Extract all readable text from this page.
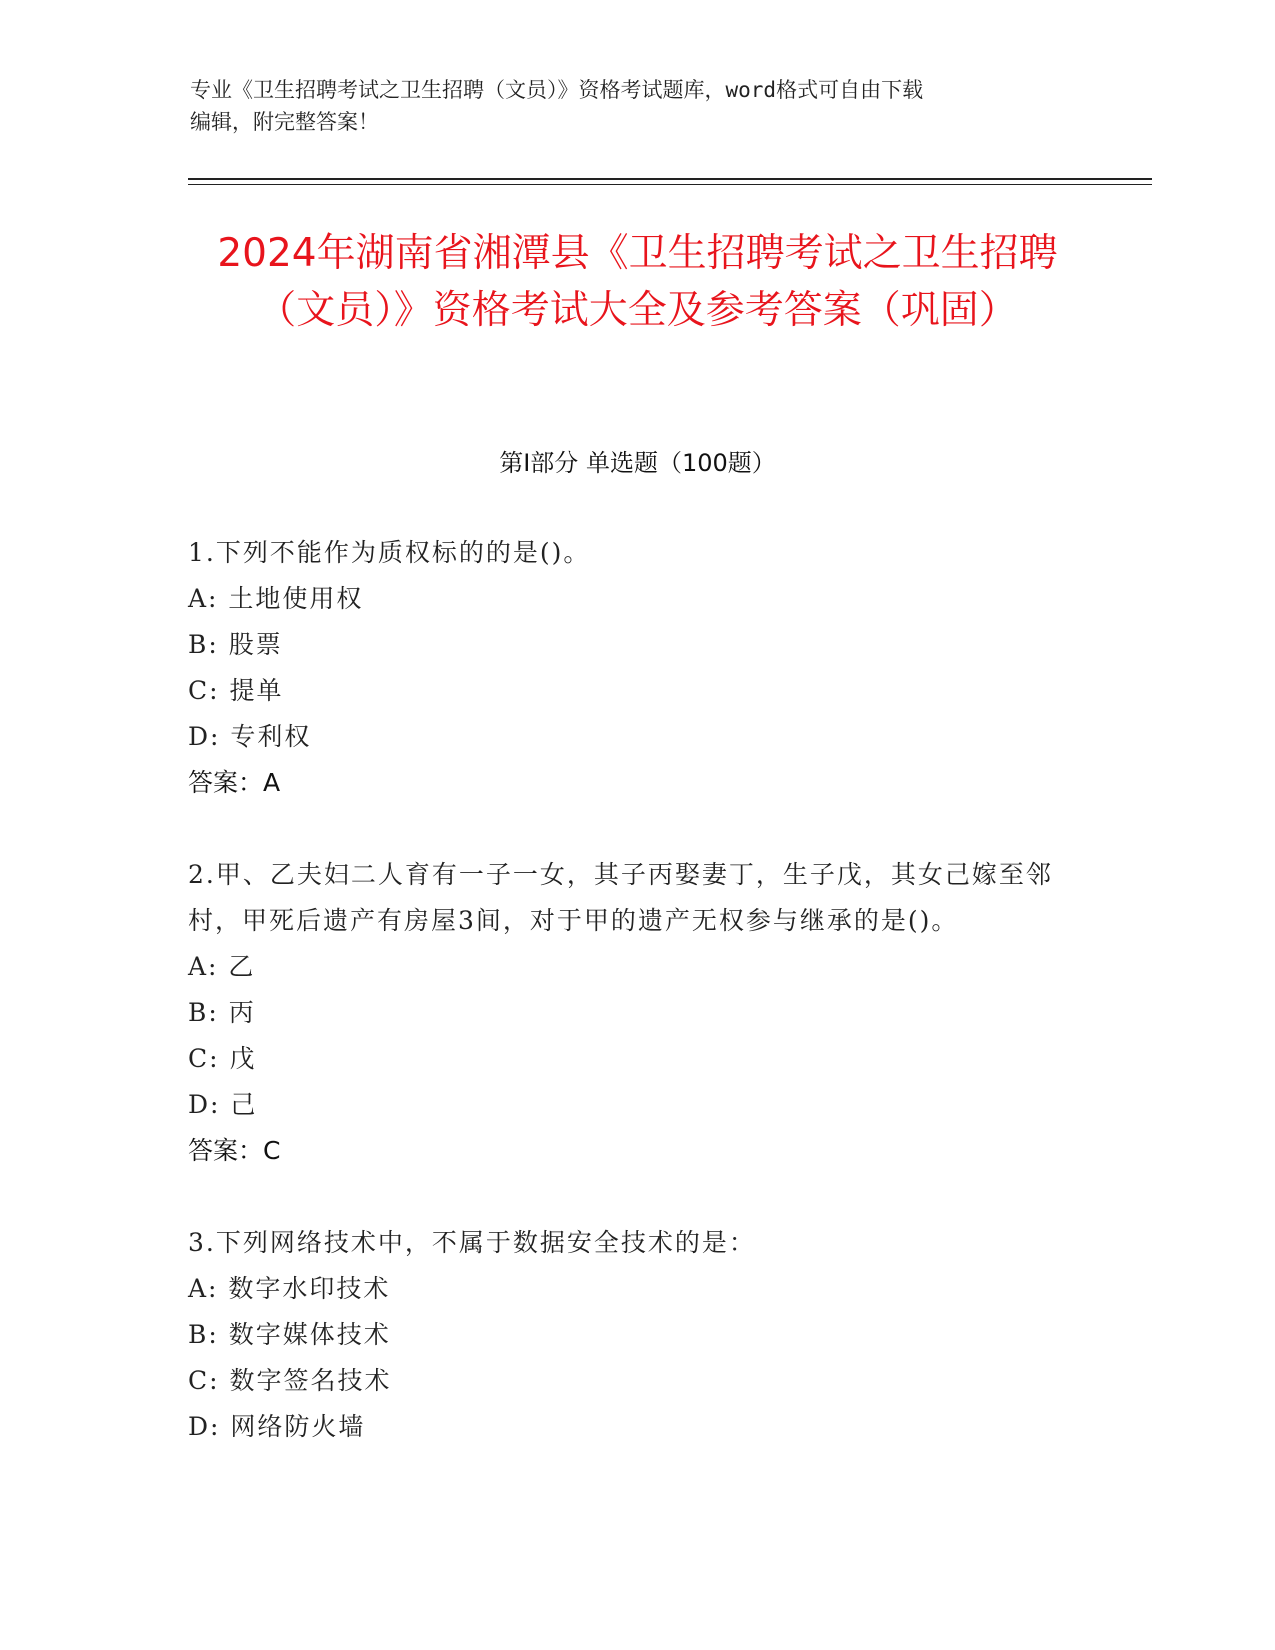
专业《卫生招聘考试之卫生招聘（文员）》资格考试题库，word格式可自由下载
编辑，附完整答案！
2024年湖南省湘潭县《卫生招聘考试之卫生招聘（文员）》资格考试大全及参考答案（巩固）
第Ⅰ部分 单选题（100题）
1.下列不能作为质权标的的是()。
A: 土地使用权
B: 股票
C: 提单
D: 专利权
答案：A
2.甲、乙夫妇二人育有一子一女，其子丙娶妻丁，生子戊，其女己嫁至邻村，甲死后遗产有房屋3间，对于甲的遗产无权参与继承的是()。
A: 乙
B: 丙
C: 戊
D: 己
答案：C
3.下列网络技术中，不属于数据安全技术的是：
A: 数字水印技术
B: 数字媒体技术
C: 数字签名技术
D: 网络防火墙
